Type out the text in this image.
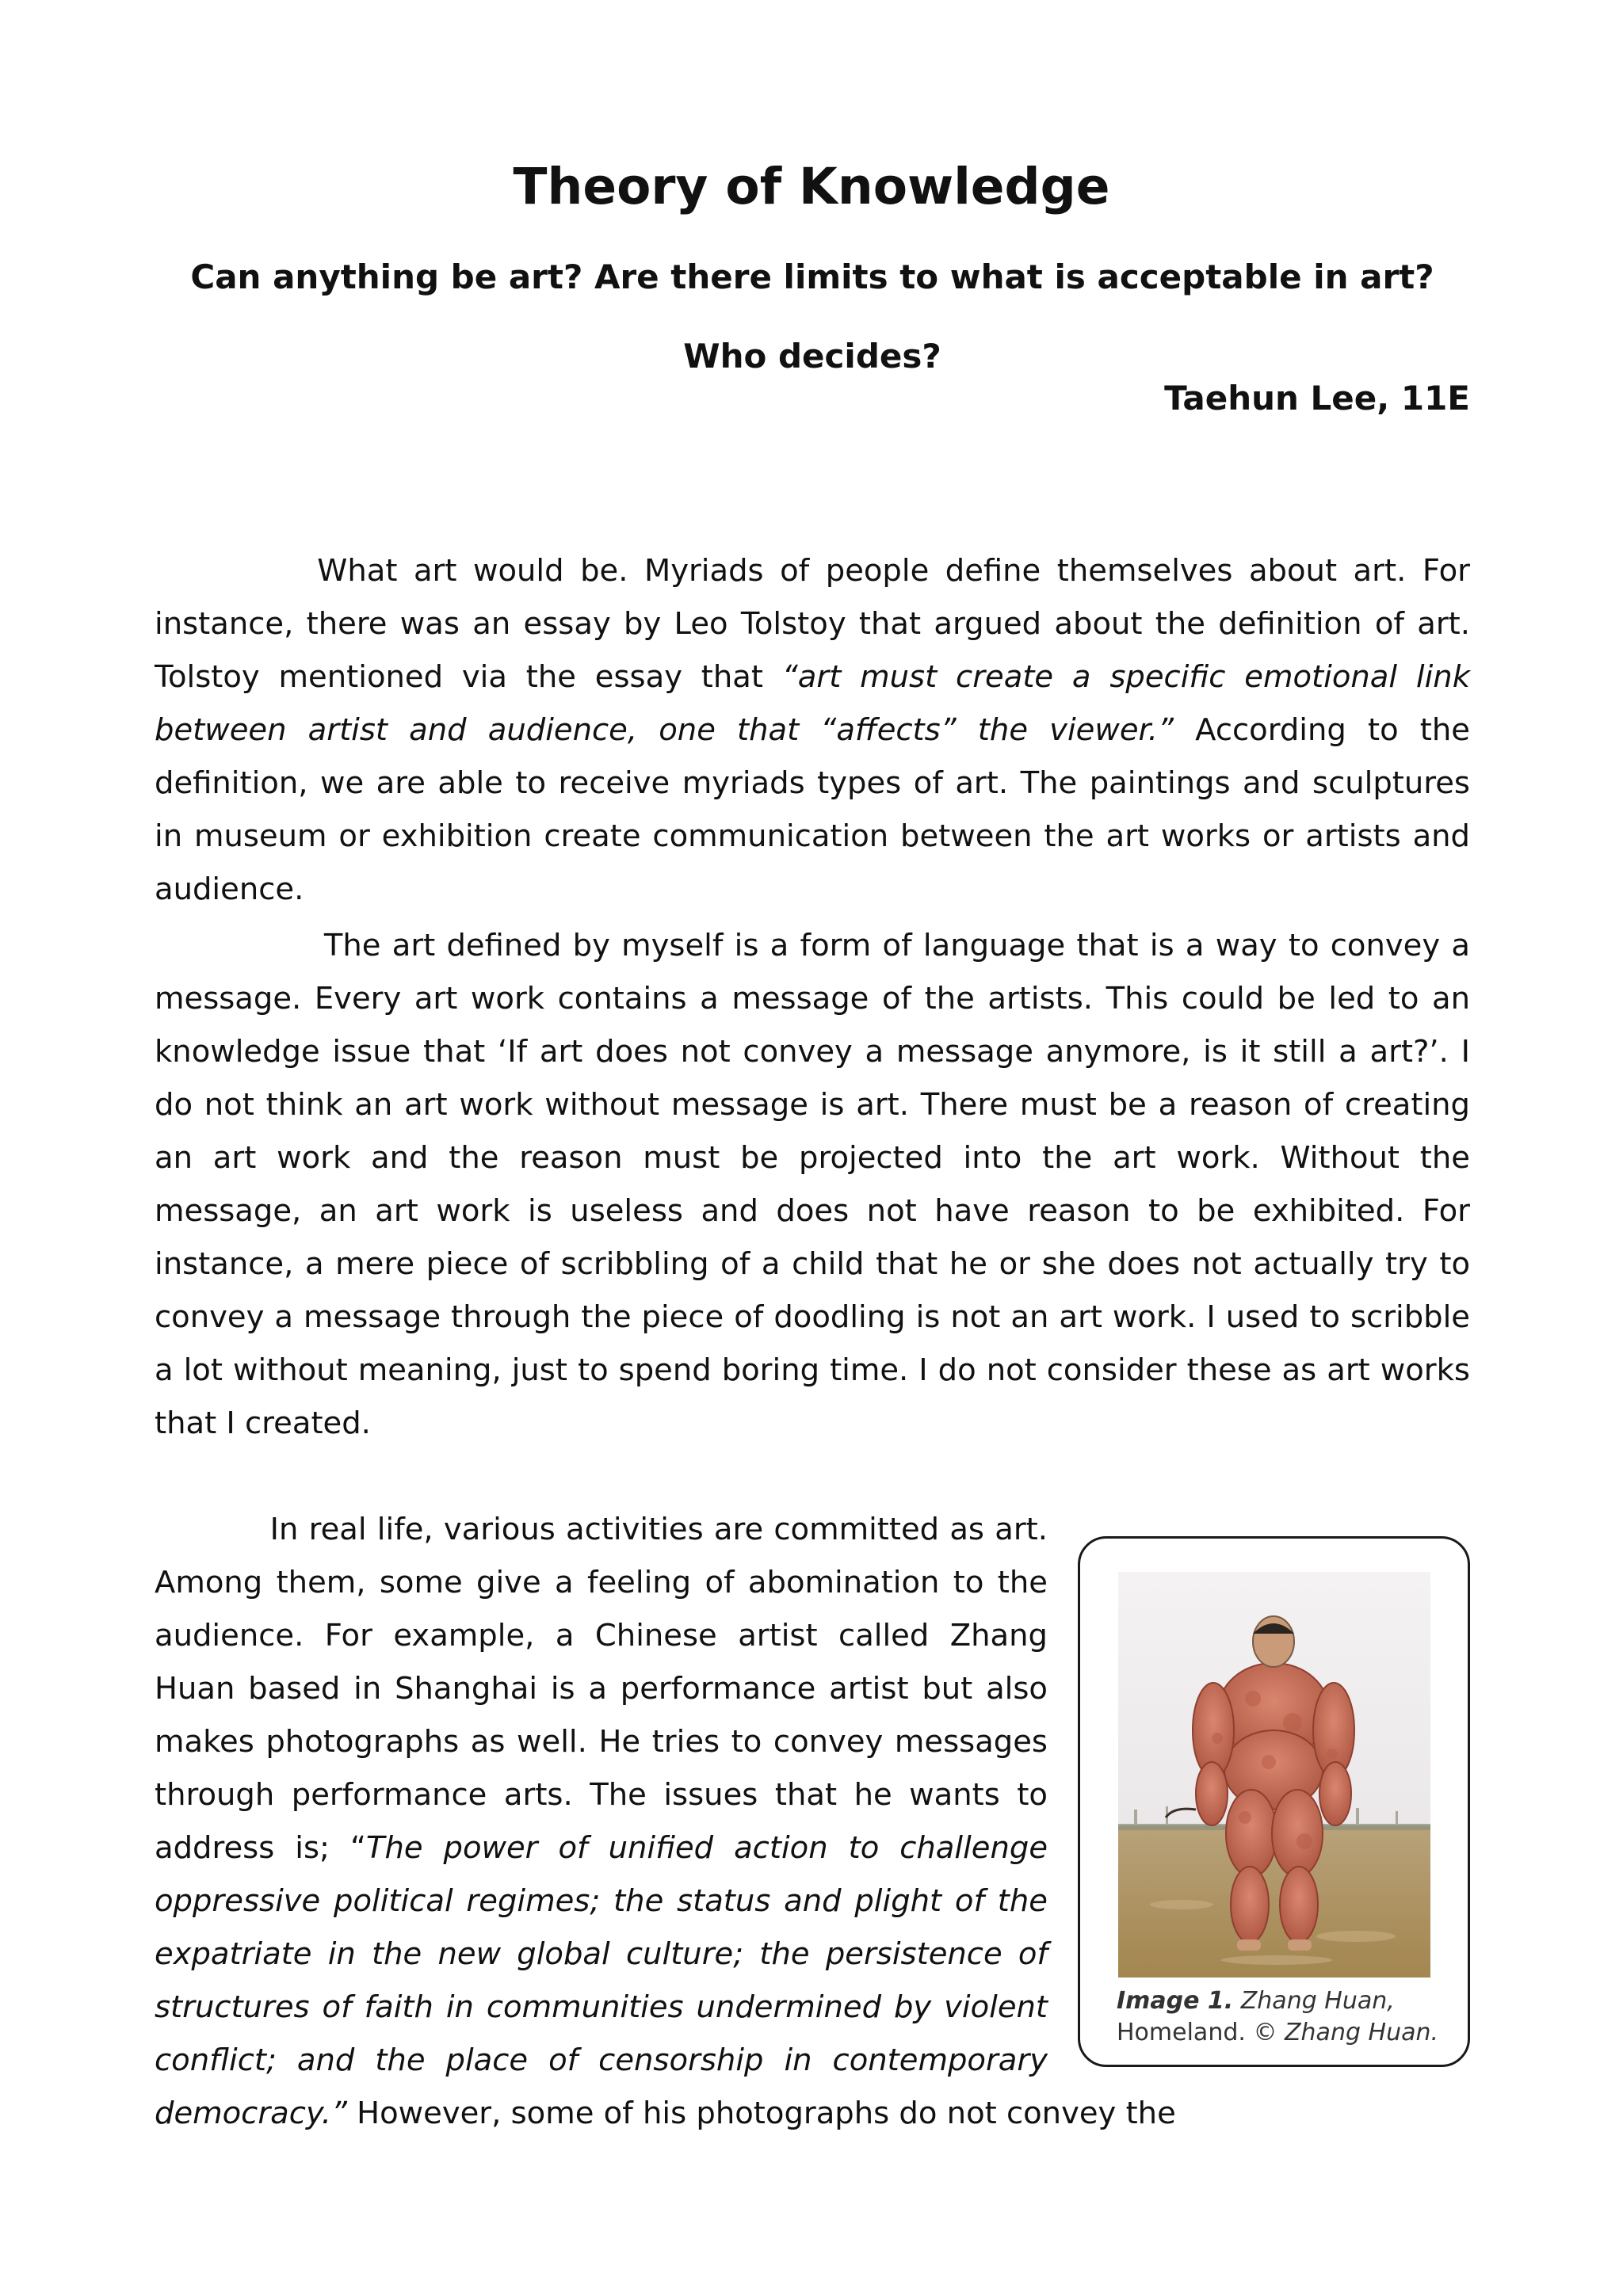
Theory of Knowledge
Can anything be art? Are there limits to what is acceptable in art? Who decides?
Taehun Lee, 11E

What art would be. Myriads of people define themselves about art. For instance, there was an essay by Leo Tolstoy that argued about the definition of art. Tolstoy mentioned via the essay that “art must create a specific emotional link between artist and audience, one that “affects” the viewer.” According to the definition, we are able to receive myriads types of art. The paintings and sculptures in museum or exhibition create communication between the art works or artists and audience.

The art defined by myself is a form of language that is a way to convey a message. Every art work contains a message of the artists. This could be led to an knowledge issue that ‘If art does not convey a message anymore, is it still a art?’. I do not think an art work without message is art. There must be a reason of creating an art work and the reason must be projected into the art work. Without the message, an art work is useless and does not have reason to be exhibited. For instance, a mere piece of scribbling of a child that he or she does not actually try to convey a message through the piece of doodling is not an art work. I used to scribble a lot without meaning, just to spend boring time. I do not consider these as art works that I created.

Image 1. Zhang Huan,
Homeland. © Zhang Huan.
In real life, various activities are committed as art. Among them, some give a feeling of abomination to the audience. For example, a Chinese artist called Zhang Huan based in Shanghai is a performance artist but also makes photographs as well. He tries to convey messages through performance arts. The issues that he wants to address is; “The power of unified action to challenge oppressive political regimes; the status and plight of the expatriate in the new global culture; the persistence of structures of faith in communities undermined by violent conflict; and the place of censorship in contemporary democracy.” However, some of his photographs do not convey the
